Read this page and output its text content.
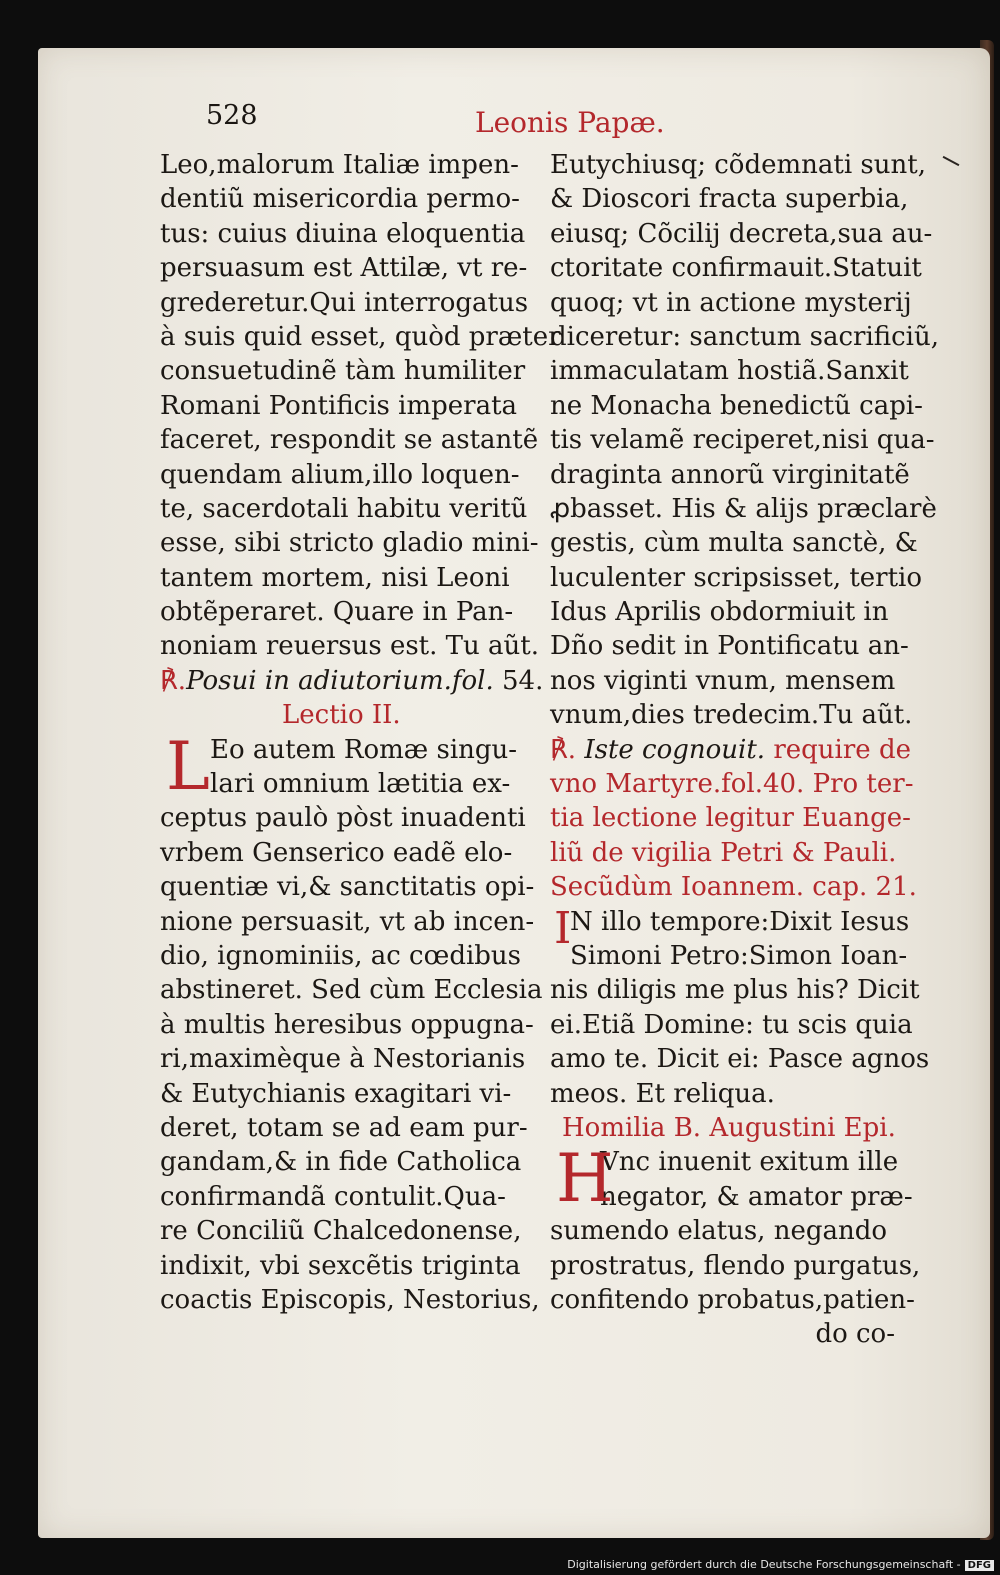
528	Leonis Papæ.
Leo,malorum Italiæ impen-
dentiũ misericordia permo-
tus: cuius diuina eloquentia
persuasum est Attilæ, vt re-
grederetur.Qui interrogatus
à suis quid esset, quòd præter
consuetudinẽ tàm humiliter
Romani Pontificis imperata
faceret, respondit se astantẽ
quendam alium,illo loquen-
te, sacerdotali habitu veritũ
esse, sibi stricto gladio mini-
tantem mortem, nisi Leoni
obtẽperaret. Quare in Pan-
noniam reuersus est. Tu aũt.
℟.Posui in adiutorium.fol. 54.
Lectio II.
L Eo autem Romæ singu-
lari omnium lætitia ex-
ceptus paulò pòst inuadenti
vrbem Genserico eadẽ elo-
quentiæ vi,& sanctitatis opi-
nione persuasit, vt ab incen-
dio, ignominiis, ac cœdibus
abstineret. Sed cùm Ecclesia
à multis heresibus oppugna-
ri,maximèque à Nestorianis
& Eutychianis exagitari vi-
deret, totam se ad eam pur-
gandam,& in fide Catholica
confirmandã contulit.Qua-
re Conciliũ Chalcedonense,
indixit, vbi sexcẽtis triginta
coactis Episcopis, Nestorius,
Eutychiusq; cõdemnati sunt,
& Dioscori fracta superbia,
eiusq; Cõcilij decreta,sua au-
ctoritate confirmauit.Statuit
quoq; vt in actione mysterij
diceretur: sanctum sacrificiũ,
immaculatam hostiã.Sanxit
ne Monacha benedictũ capi-
tis velamẽ reciperet,nisi qua-
draginta annorũ virginitatẽ
ꝓbasset. His & alijs præclarè
gestis, cùm multa sanctè, &
luculenter scripsisset, tertio
Idus Aprilis obdormiuit in
Dño sedit in Pontificatu an-
nos viginti vnum, mensem
vnum,dies tredecim.Tu aũt.
℟. Iste cognouit. require de
vno Martyre.fol.40. Pro ter-
tia lectione legitur Euange-
liũ de vigilia Petri & Pauli.
Secũdùm Ioannem. cap. 21.
I
N illo tempore:Dixit Iesus
Simoni Petro:Simon Ioan-
nis diligis me plus his? Dicit
ei.Etiã Domine: tu scis quia
amo te. Dicit ei: Pasce agnos
meos. Et reliqua.
Homilia B. Augustini Epi.
H
Vnc inuenit exitum ille
negator, & amator præ-
sumendo elatus, negando
prostratus, flendo purgatus,
confitendo probatus,patien-
do co-
Digitalisierung gefördert durch die Deutsche Forschungsgemeinschaft - DFG
